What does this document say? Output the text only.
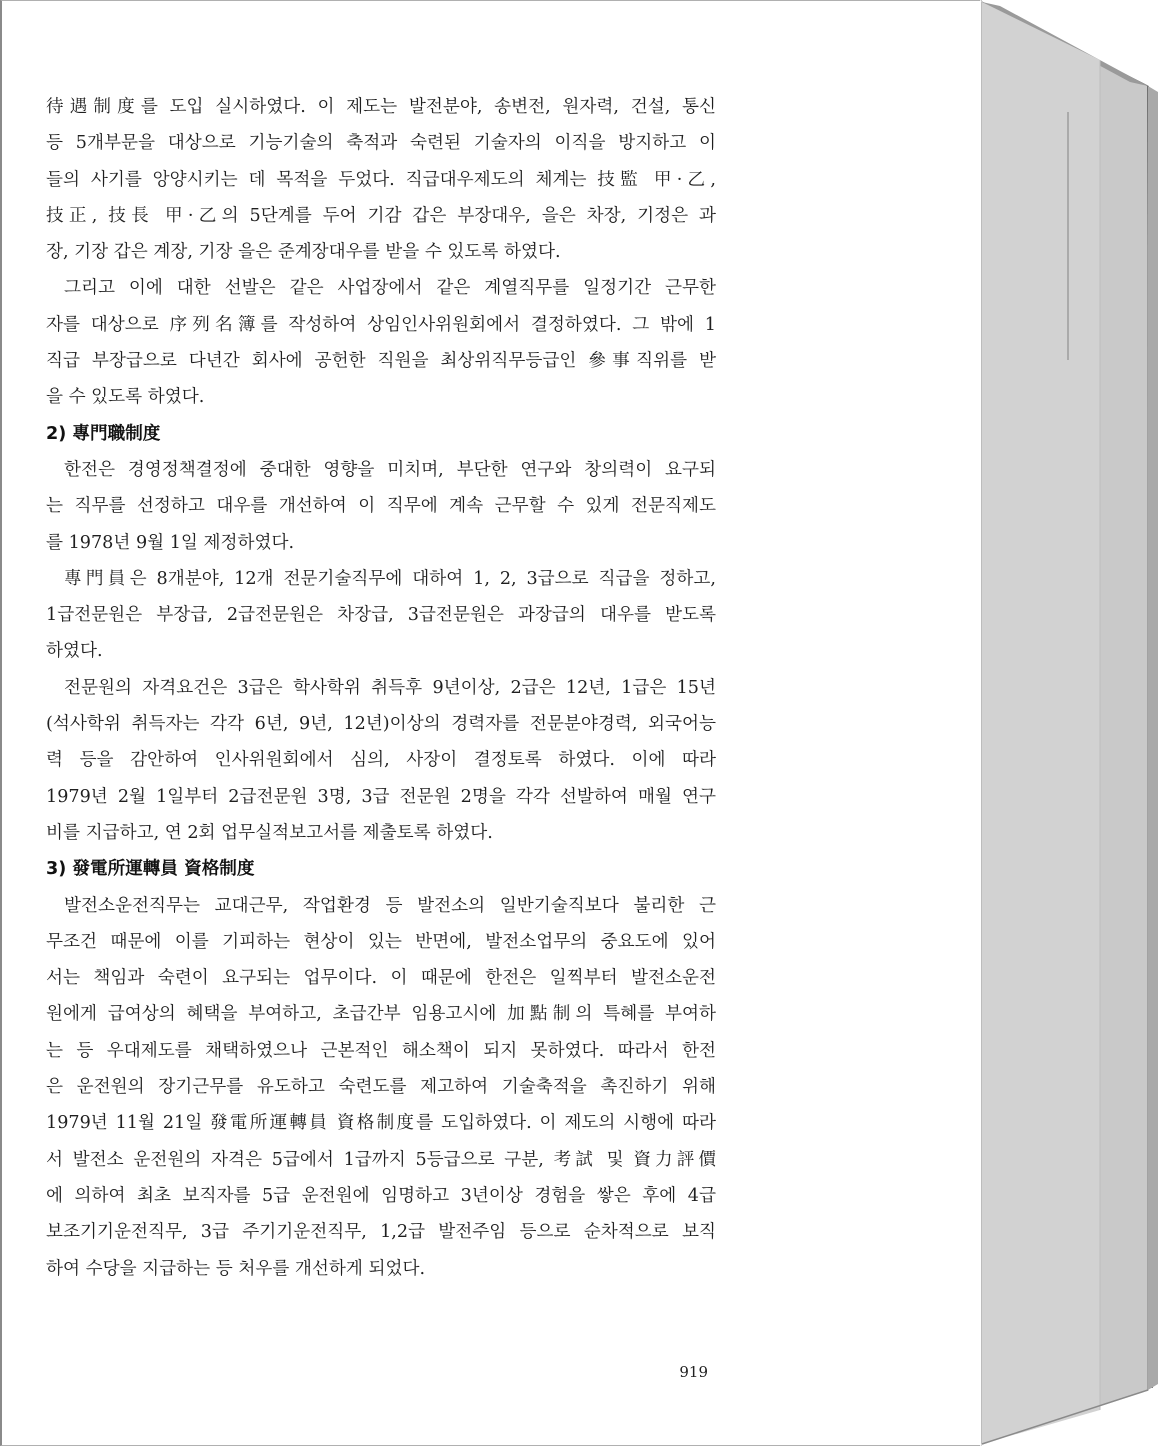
待遇制度를 도입 실시하였다. 이 제도는 발전분야, 송변전, 원자력, 건설, 통신
등 5개부문을 대상으로 기능기술의 축적과 숙련된 기술자의 이직을 방지하고 이
들의 사기를 앙양시키는 데 목적을 두었다. 직급대우제도의 체계는 技監 甲·乙,
技正, 技長 甲·乙의 5단계를 두어 기감 갑은 부장대우, 을은 차장, 기정은 과
장, 기장 갑은 계장, 기장 을은 준계장대우를 받을 수 있도록 하였다.
그리고 이에 대한 선발은 같은 사업장에서 같은 계열직무를 일정기간 근무한
자를 대상으로 序列名簿를 작성하여 상임인사위원회에서 결정하였다. 그 밖에 1
직급 부장급으로 다년간 회사에 공헌한 직원을 최상위직무등급인 參事직위를 받
을 수 있도록 하였다.
2) 專門職制度
한전은 경영정책결정에 중대한 영향을 미치며, 부단한 연구와 창의력이 요구되
는 직무를 선정하고 대우를 개선하여 이 직무에 계속 근무할 수 있게 전문직제도
를 1978년 9월 1일 제정하였다.
專門員은 8개분야, 12개 전문기술직무에 대하여 1, 2, 3급으로 직급을 정하고,
1급전문원은 부장급, 2급전문원은 차장급, 3급전문원은 과장급의 대우를 받도록
하였다.
전문원의 자격요건은 3급은 학사학위 취득후 9년이상, 2급은 12년, 1급은 15년
(석사학위 취득자는 각각 6년, 9년, 12년)이상의 경력자를 전문분야경력, 외국어능
력 등을 감안하여 인사위원회에서 심의, 사장이 결정토록 하였다. 이에 따라
1979년 2월 1일부터 2급전문원 3명, 3급 전문원 2명을 각각 선발하여 매월 연구
비를 지급하고, 연 2회 업무실적보고서를 제출토록 하였다.
3) 發電所運轉員 資格制度
발전소운전직무는 교대근무, 작업환경 등 발전소의 일반기술직보다 불리한 근
무조건 때문에 이를 기피하는 현상이 있는 반면에, 발전소업무의 중요도에 있어
서는 책임과 숙련이 요구되는 업무이다. 이 때문에 한전은 일찍부터 발전소운전
원에게 급여상의 혜택을 부여하고, 초급간부 임용고시에 加點制의 특혜를 부여하
는 등 우대제도를 채택하였으나 근본적인 해소책이 되지 못하였다. 따라서 한전
은 운전원의 장기근무를 유도하고 숙련도를 제고하여 기술축적을 촉진하기 위해
1979년 11월 21일 發電所運轉員 資格制度를 도입하였다. 이 제도의 시행에 따라
서 발전소 운전원의 자격은 5급에서 1급까지 5등급으로 구분, 考試 및 資力評價
에 의하여 최초 보직자를 5급 운전원에 임명하고 3년이상 경험을 쌓은 후에 4급
보조기기운전직무, 3급 주기기운전직무, 1,2급 발전주임 등으로 순차적으로 보직
하여 수당을 지급하는 등 처우를 개선하게 되었다.
919
